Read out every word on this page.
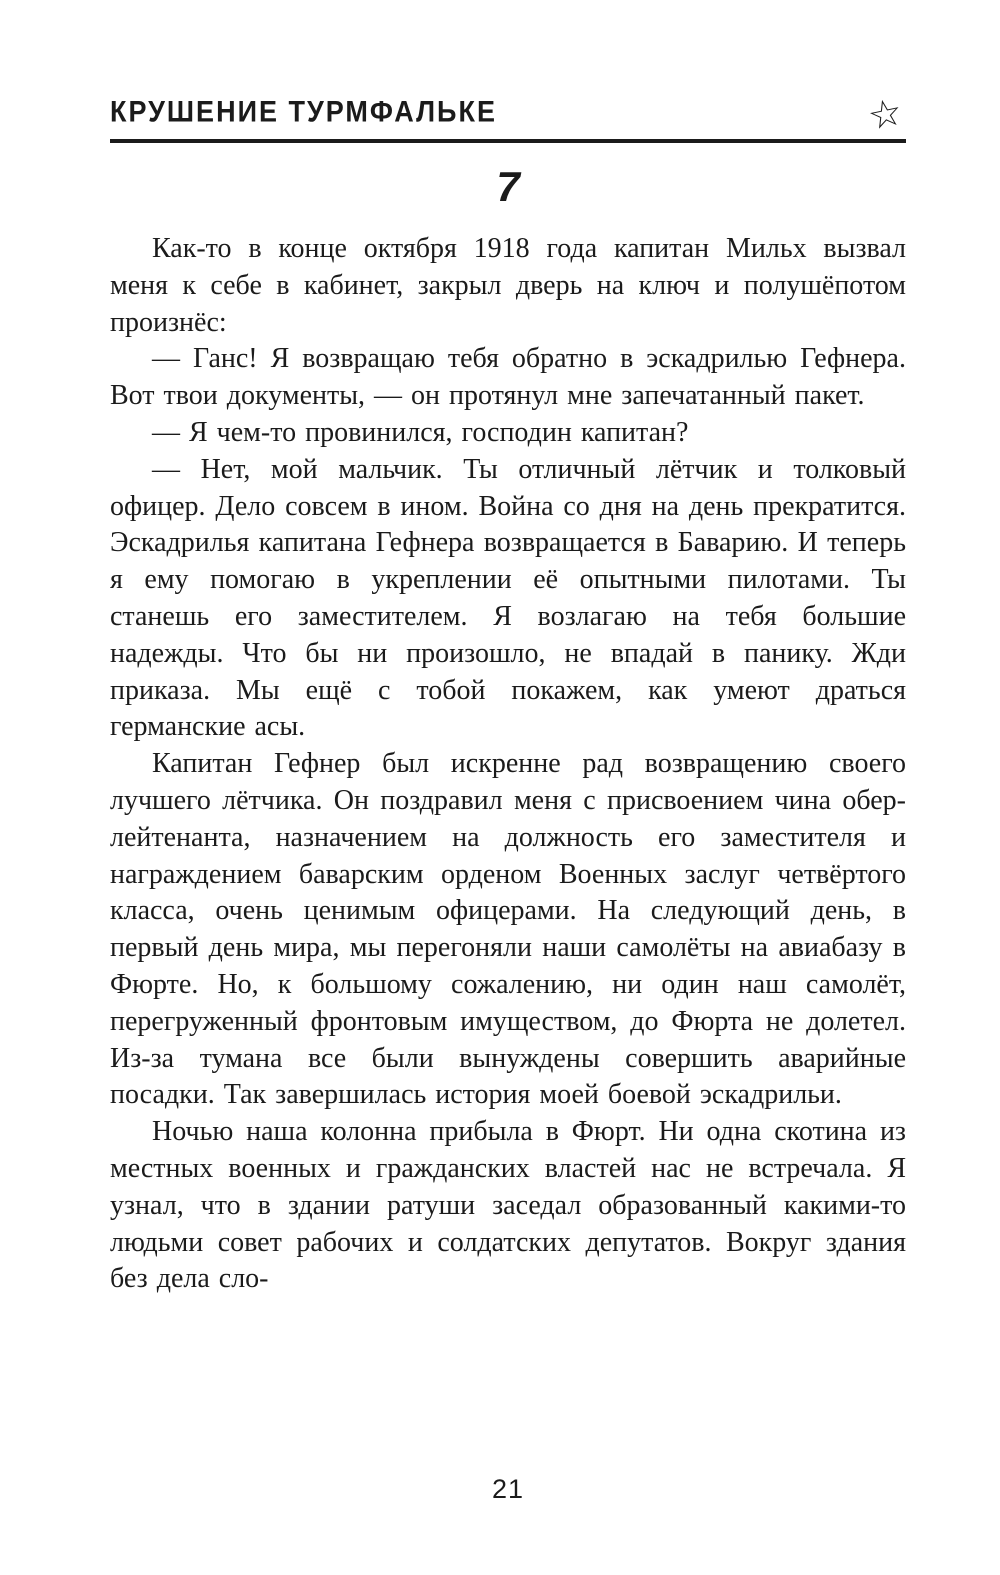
КРУШЕНИЕ ТУРМФАЛЬКЕ	☆
7

Как-то в конце октября 1918 года капитан Мильх вызвал меня к себе в кабинет, закрыл дверь на ключ и полушёпотом произнёс:

— Ганс! Я возвращаю тебя обратно в эскадрилью Гефнера. Вот твои документы, — он протянул мне запечатанный пакет.

— Я чем-то провинился, господин капитан?

— Нет, мой мальчик. Ты отличный лётчик и толковый офицер. Дело совсем в ином. Война со дня на день прекратится. Эскадрилья капитана Гефнера возвращается в Баварию. И теперь я ему помогаю в укреплении её опытными пилотами. Ты станешь его заместителем. Я возлагаю на тебя большие надежды. Что бы ни произошло, не впадай в панику. Жди приказа. Мы ещё с тобой покажем, как умеют драться германские асы.

Капитан Гефнер был искренне рад возвращению своего лучшего лётчика. Он поздравил меня с присвоением чина обер-лейтенанта, назначением на должность его заместителя и награждением баварским орденом Военных заслуг четвёртого класса, очень ценимым офицерами. На следующий день, в первый день мира, мы перегоняли наши самолёты на авиабазу в Фюрте. Но, к большому сожалению, ни один наш самолёт, перегруженный фронтовым имуществом, до Фюрта не долетел. Из-за тумана все были вынуждены совершить аварийные посадки. Так завершилась история моей боевой эскадрильи.

Ночью наша колонна прибыла в Фюрт. Ни одна скотина из местных военных и гражданских властей нас не встречала. Я узнал, что в здании ратуши заседал образованный какими-то людьми совет рабочих и солдатских депутатов. Вокруг здания без дела сло-

21
